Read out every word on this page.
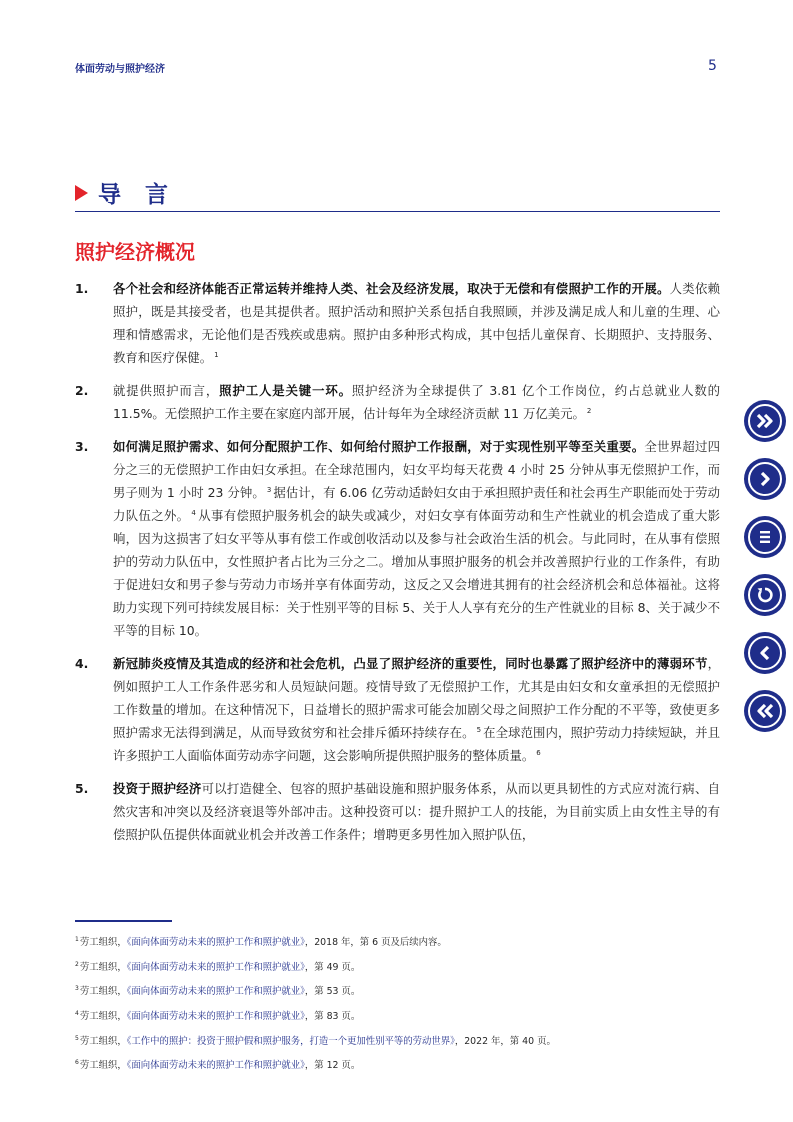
体面劳动与照护经济	5
导 言
照护经济概况
1.	各个社会和经济体能否正常运转并维持人类、社会及经济发展，取决于无偿和有偿照护工作的开展。人类依赖照护，既是其接受者，也是其提供者。照护活动和照护关系包括自我照顾，并涉及满足成人和儿童的生理、心理和情感需求，无论他们是否残疾或患病。照护由多种形式构成，其中包括儿童保育、长期照护、支持服务、教育和医疗保健。 $^1$
2.	就提供照护而言，照护工人是关键一环。照护经济为全球提供了 3.81 亿个工作岗位，约占总就业人数的 11.5%。无偿照护工作主要在家庭内部开展，估计每年为全球经济贡献 11 万亿美元。 $^2$
3.	如何满足照护需求、如何分配照护工作、如何给付照护工作报酬，对于实现性别平等至关重要。全世界超过四分之三的无偿照护工作由妇女承担。在全球范围内，妇女平均每天花费 4 小时 25 分钟从事无偿照护工作，而男子则为 1 小时 23 分钟。 $^3$ 据估计，有 6.06 亿劳动适龄妇女由于承担照护责任和社会再生产职能而处于劳动力队伍之外。 $^4$ 从事有偿照护服务机会的缺失或减少，对妇女享有体面劳动和生产性就业的机会造成了重大影响，因为这损害了妇女平等从事有偿工作或创收活动以及参与社会政治生活的机会。与此同时，在从事有偿照护的劳动力队伍中，女性照护者占比为三分之二。增加从事照护服务的机会并改善照护行业的工作条件，有助于促进妇女和男子参与劳动力市场并享有体面劳动，这反之又会增进其拥有的社会经济机会和总体福祉。这将助力实现下列可持续发展目标：关于性别平等的目标 5、关于人人享有充分的生产性就业的目标 8、关于减少不平等的目标 10。
4.	新冠肺炎疫情及其造成的经济和社会危机，凸显了照护经济的重要性，同时也暴露了照护经济中的薄弱环节，例如照护工人工作条件恶劣和人员短缺问题。疫情导致了无偿照护工作，尤其是由妇女和女童承担的无偿照护工作数量的增加。在这种情况下，日益增长的照护需求可能会加剧父母之间照护工作分配的不平等，致使更多照护需求无法得到满足，从而导致贫穷和社会排斥循环持续存在。 $^5$ 在全球范围内，照护劳动力持续短缺，并且许多照护工人面临体面劳动赤字问题，这会影响所提供照护服务的整体质量。 $^6$
5.	投资于照护经济可以打造健全、包容的照护基础设施和照护服务体系，从而以更具韧性的方式应对流行病、自然灾害和冲突以及经济衰退等外部冲击。这种投资可以：提升照护工人的技能，为目前实质上由女性主导的有偿照护队伍提供体面就业机会并改善工作条件；增聘更多男性加入照护队伍，
$^1$劳工组织，《面向体面劳动未来的照护工作和照护就业》，2018 年，第 6 页及后续内容。
$^2$劳工组织，《面向体面劳动未来的照护工作和照护就业》，第 49 页。
$^3$劳工组织，《面向体面劳动未来的照护工作和照护就业》，第 53 页。
$^4$劳工组织，《面向体面劳动未来的照护工作和照护就业》，第 83 页。
$^5$劳工组织，《工作中的照护：投资于照护假和照护服务，打造一个更加性别平等的劳动世界》，2022 年，第 40 页。
$^6$劳工组织，《面向体面劳动未来的照护工作和照护就业》，第 12 页。
